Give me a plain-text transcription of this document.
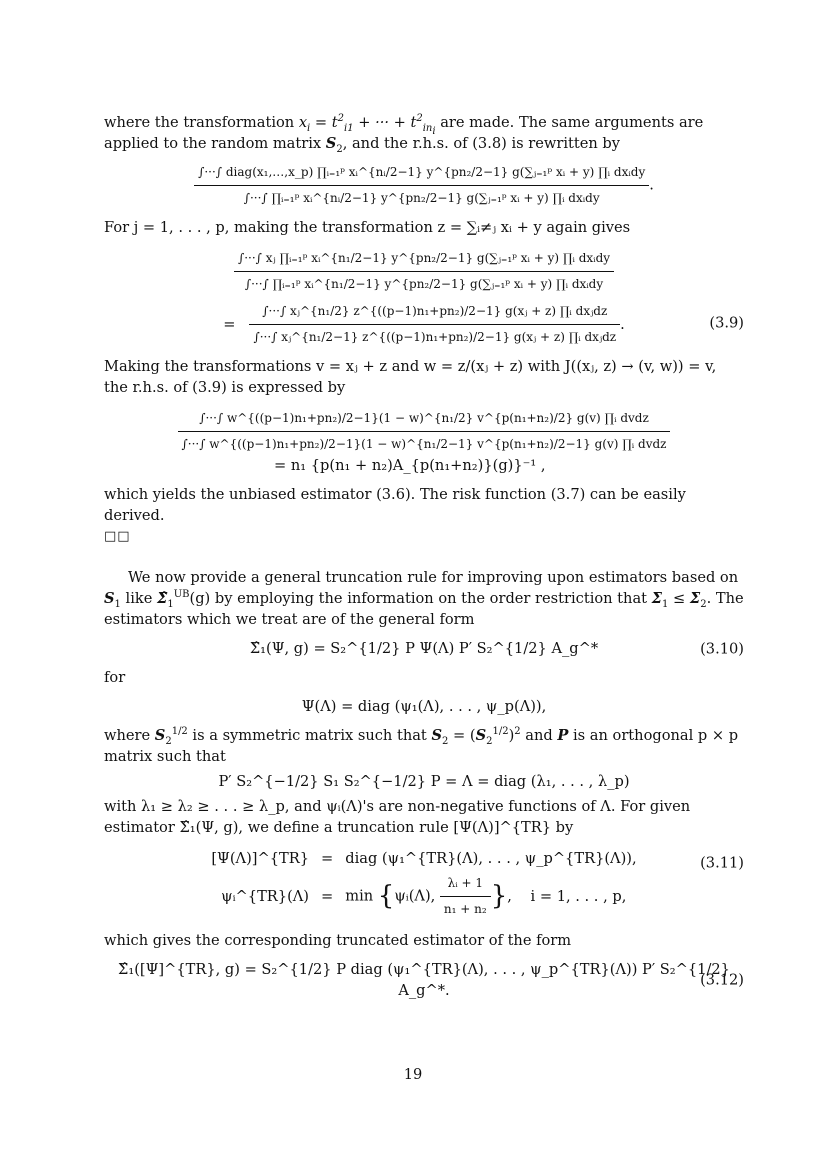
where the transformation $x_i = t^2_{i1}$ + ··· + $t^2_{in_i}$ are made. The same arguments are applied to the random matrix $S_2$, and the r.h.s. of (3.8) is rewritten by

∫···∫ diag(x₁,…,x_p) ∏ᵢ₌₁ᵖ xᵢ^{nᵢ/2−1} y^{pn₂/2−1} g(∑ⱼ₌₁ᵖ xᵢ + y) ∏ᵢ dxᵢdy
∫···∫ ∏ᵢ₌₁ᵖ xᵢ^{nᵢ/2−1} y^{pn₂/2−1} g(∑ⱼ₌₁ᵖ xᵢ + y) ∏ᵢ dxᵢdy
.

For j = 1, . . . , p, making the transformation z = ∑ᵢ≠ⱼ xᵢ + y again gives

∫···∫ xⱼ ∏ᵢ₌₁ᵖ xᵢ^{n₁/2−1} y^{pn₂/2−1} g(∑ⱼ₌₁ᵖ xᵢ + y) ∏ᵢ dxᵢdy
∫···∫ ∏ᵢ₌₁ᵖ xᵢ^{n₁/2−1} y^{pn₂/2−1} g(∑ⱼ₌₁ᵖ xᵢ + y) ∏ᵢ dxᵢdy
= $\frac{\text{∫···∫ xⱼ\textasciicircum{}\{n₁/2\} z\textasciicircum{}\{((p−1)n₁+pn₂)/2−1\} g(xⱼ + z) ∏ᵢ dxⱼdz}}{\text{∫···∫ xⱼ\textasciicircum{}\{n₁/2−1\} z\textasciicircum{}\{((p−1)n₁+pn₂)/2−1\} g(xⱼ + z) ∏ᵢ dxⱼdz}}$ .	(3.9)

Making the transformations v = xⱼ + z and w = z/(xⱼ + z) with J((xⱼ, z) → (v, w)) = v, the r.h.s. of (3.9) is expressed by

∫···∫ w^{((p−1)n₁+pn₂)/2−1}(1 − w)^{n₁/2} v^{p(n₁+n₂)/2} g(v) ∏ᵢ dvdz
∫···∫ w^{((p−1)n₁+pn₂)/2−1}(1 − w)^{n₁/2−1} v^{p(n₁+n₂)/2−1} g(v) ∏ᵢ dvdz
= n₁ {p(n₁ + n₂)A_{p(n₁+n₂)}(g)}⁻¹ ,

which yields the unbiased estimator (3.6). The risk function (3.7) can be easily derived.

□□

We now provide a general truncation rule for improving upon estimators based on $S_1$ like $\Sigmâ_1^{UB}(g)$ by employing the information on the order restriction that $\Sigma_1 \le \Sigma_2$. The estimators which we treat are of the general form

Σ̂₁(Ψ, g) = S₂^{1/2} P Ψ(Λ) P′ S₂^{1/2} A_g^*	(3.10)

for

Ψ(Λ) = diag (ψ₁(Λ), . . . , ψ_p(Λ)),

where $S_2^{1/2}$ is a symmetric matrix such that $S_2 = (S_2^{1/2})^2$ and P is an orthogonal p × p matrix such that

P′ S₂^{−1/2} S₁ S₂^{−1/2} P = Λ = diag (λ₁, . . . , λ_p)

with λ₁ ≥ λ₂ ≥ . . . ≥ λ_p, and ψᵢ(Λ)'s are non-negative functions of Λ. For given estimator Σ̂₁(Ψ, g), we define a truncation rule [Ψ(Λ)]^{TR} by

[Ψ(Λ)]^{TR}	=	diag (ψ₁^{TR}(Λ), . . . , ψ_p^{TR}(Λ)),
ψᵢ^{TR}(Λ)	=	min {ψᵢ(Λ), $\frac{\text{λᵢ + 1}}{\text{n₁ + n₂}}$ }, i = 1, . . . , p,
(3.11)

which gives the corresponding truncated estimator of the form

Σ̂₁([Ψ]^{TR}, g) = S₂^{1/2} P diag (ψ₁^{TR}(Λ), . . . , ψ_p^{TR}(Λ)) P′ S₂^{1/2} A_g^*.
(3.12)
19
